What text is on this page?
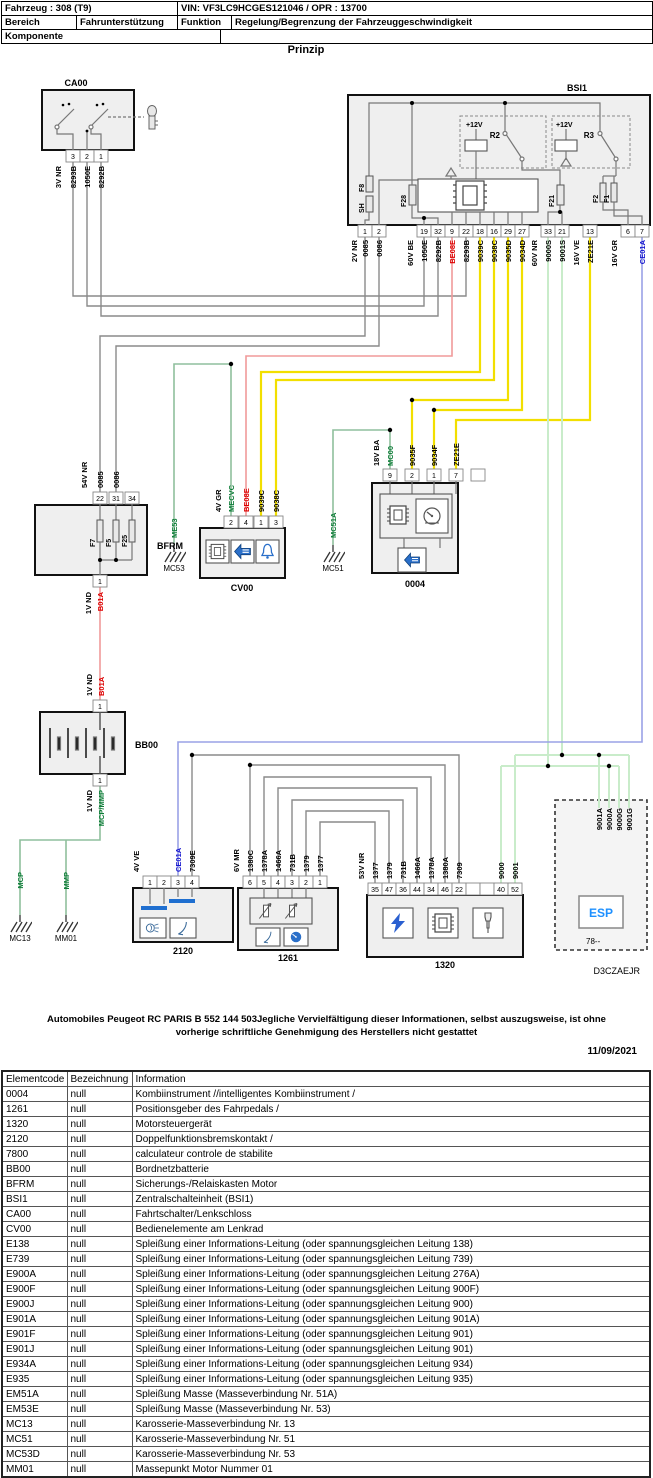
Fahrzeug : 308 (T9)	VIN: VF3LC9HCGES121046 / OPR : 13700
Bereich	Fahrunterstützung	Funktion	Regelung/Begrenzung der Fahrzeuggeschwindigkeit
Komponente
Prinzip
CA00
3 2 1
3V NR 8293B 1050E 8292B
BSI1
+12V
R2
+12V
R3
F8
SH
F28	F21	F2 F1
1 2	19 32 9 22 18 16 29 27	33 21	13	6 7
2V NR 0085 0086	60V BE 1050E 8292B BE08E 8293B 9039C 9038C 9035D 9034D 60V NR 9000S 9001S 16V VE ZE21E 16V GR	CE01A
BFRM
22 31 34
1
54V NR 0085 0086
F7 F5 F25
1V ND B01A
BB00
1
1
1V ND B01A
1V ND MCP/MMP
MCP	MMP
MC13	MM01
ME53
MC53
MC51A
MC51
CV00
2 4 1 3
4V GR MECVC BE08E 9039C 9038C
0004
9	2	1	7
18V BA MC00 9035F 9034F ZE21E
2120
1 2 3 4
4V VE	CE01A 7309E
1261
6 5 4 3 2 1
6V MR 1380C 1378A 1466A 731B 1379 1377
1320
35 47 36 44 34 46 22	40 52
53V NR 1377 1379 731B 1466A 1378A 1380A 7309	9000 9001
9001A 9000A 9000G 9001G
ESP
78--
D3CZAEJR
Automobiles Peugeot RC PARIS B 552 144 503Jegliche Vervielfältigung dieser Informationen, selbst auszugsweise, ist ohne
vorherige schriftliche Genehmigung des Herstellers nicht gestattet
11/09/2021
Elementcode	Bezeichnung	Information
0004	null	Kombiinstrument //intelligentes Kombiinstrument /
1261	null	Positionsgeber des Fahrpedals /
1320	null	Motorsteuergerät
2120	null	Doppelfunktionsbremskontakt /
7800	null	calculateur controle de stabilite
BB00	null	Bordnetzbatterie
BFRM	null	Sicherungs-/Relaiskasten Motor
BSI1	null	Zentralschalteinheit (BSI1)
CA00	null	Fahrtschalter/Lenkschloss
CV00	null	Bedienelemente am Lenkrad
E138	null	Spleißung einer Informations-Leitung (oder spannungsgleichen Leitung 138)
E739	null	Spleißung einer Informations-Leitung (oder spannungsgleichen Leitung 739)
E900A	null	Spleißung einer Informations-Leitung (oder spannungsgleichen Leitung 276A)
E900F	null	Spleißung einer Informations-Leitung (oder spannungsgleichen Leitung 900F)
E900J	null	Spleißung einer Informations-Leitung (oder spannungsgleichen Leitung 900)
E901A	null	Spleißung einer Informations-Leitung (oder spannungsgleichen Leitung 901A)
E901F	null	Spleißung einer Informations-Leitung (oder spannungsgleichen Leitung 901)
E901J	null	Spleißung einer Informations-Leitung (oder spannungsgleichen Leitung 901)
E934A	null	Spleißung einer Informations-Leitung (oder spannungsgleichen Leitung 934)
E935	null	Spleißung einer Informations-Leitung (oder spannungsgleichen Leitung 935)
EM51A	null	Spleißung Masse (Masseverbindung Nr. 51A)
EM53E	null	Spleißung Masse (Masseverbindung Nr. 53)
MC13	null	Karosserie-Masseverbindung Nr. 13
MC51	null	Karosserie-Masseverbindung Nr. 51
MC53D	null	Karosserie-Masseverbindung Nr. 53
MM01	null	Massepunkt Motor Nummer 01
